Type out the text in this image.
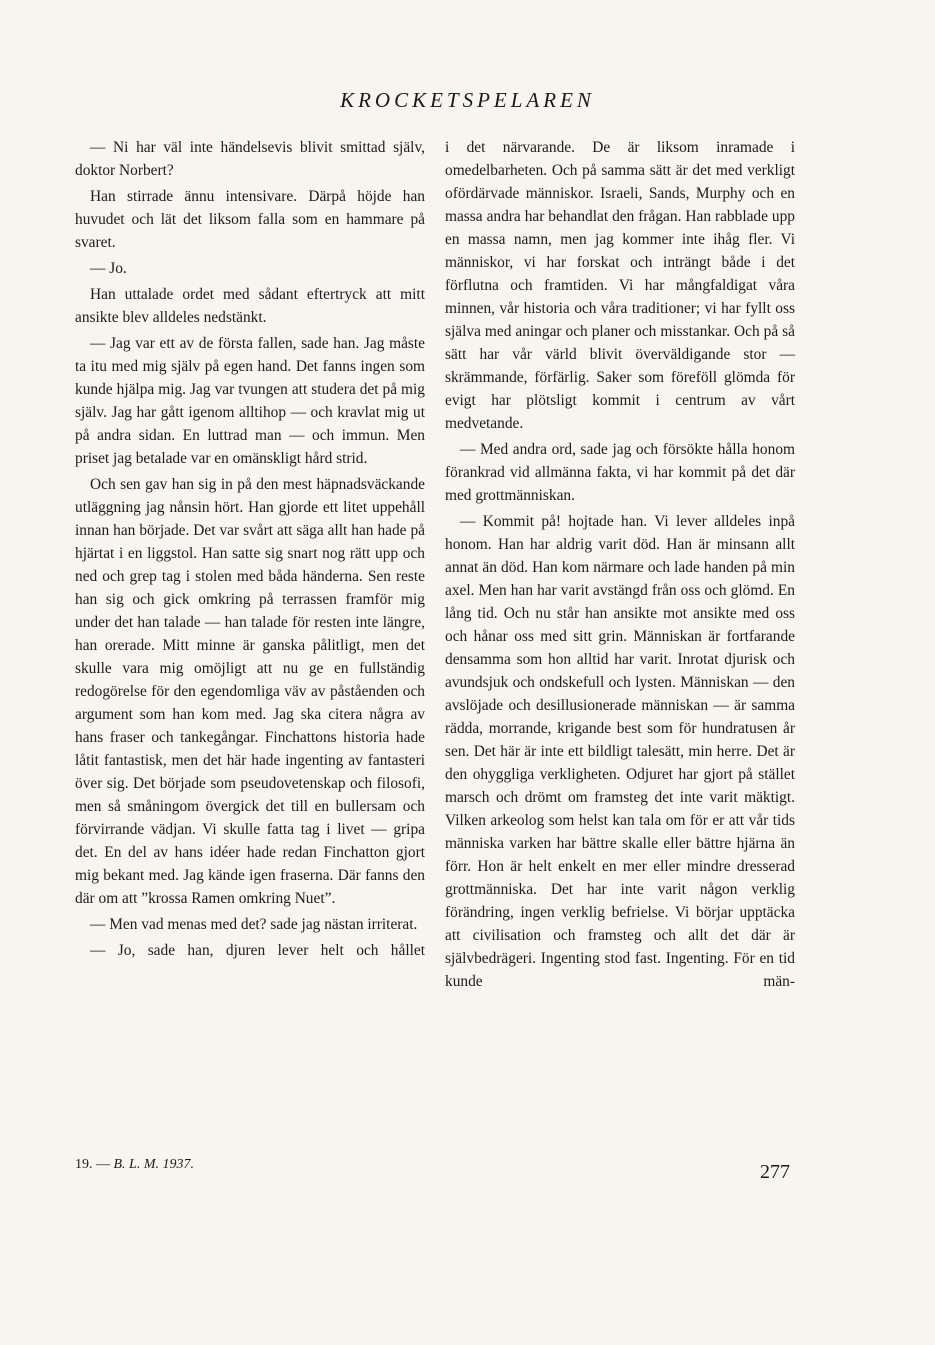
KROCKETSPELAREN

— Ni har väl inte händelsevis blivit smittad själv, doktor Norbert?

Han stirrade ännu intensivare. Därpå höjde han huvudet och lät det liksom falla som en hammare på svaret.

— Jo.

Han uttalade ordet med sådant eftertryck att mitt ansikte blev alldeles nedstänkt.

— Jag var ett av de första fallen, sade han. Jag måste ta itu med mig själv på egen hand. Det fanns ingen som kunde hjälpa mig. Jag var tvungen att studera det på mig själv. Jag har gått igenom alltihop — och kravlat mig ut på andra sidan. En luttrad man — och immun. Men priset jag betalade var en omänskligt hård strid.

Och sen gav han sig in på den mest häpnadsväckande utläggning jag nånsin hört. Han gjorde ett litet uppehåll innan han började. Det var svårt att säga allt han hade på hjärtat i en liggstol. Han satte sig snart nog rätt upp och ned och grep tag i stolen med båda händerna. Sen reste han sig och gick omkring på terrassen framför mig under det han talade — han talade för resten inte längre, han orerade. Mitt minne är ganska pålitligt, men det skulle vara mig omöjligt att nu ge en fullständig redogörelse för den egendomliga väv av påståenden och argument som han kom med. Jag ska citera några av hans fraser och tankegångar. Finchattons historia hade låtit fantastisk, men det här hade ingenting av fantasteri över sig. Det började som pseudovetenskap och filosofi, men så småningom övergick det till en bullersam och förvirrande vädjan. Vi skulle fatta tag i livet — gripa det. En del av hans idéer hade redan Finchatton gjort mig bekant med. Jag kände igen fraserna. Där fanns den där om att ”krossa Ramen omkring Nuet”.

— Men vad menas med det? sade jag nästan irriterat.

— Jo, sade han, djuren lever helt och hållet

i det närvarande. De är liksom inramade i omedelbarheten. Och på samma sätt är det med verkligt ofördärvade människor. Israeli, Sands, Murphy och en massa andra har behandlat den frågan. Han rabblade upp en massa namn, men jag kommer inte ihåg fler. Vi människor, vi har forskat och inträngt både i det förflutna och framtiden. Vi har mångfaldigat våra minnen, vår historia och våra traditioner; vi har fyllt oss själva med aningar och planer och misstankar. Och på så sätt har vår värld blivit överväldigande stor — skrämmande, förfärlig. Saker som föreföll glömda för evigt har plötsligt kommit i centrum av vårt medvetande.

— Med andra ord, sade jag och försökte hålla honom förankrad vid allmänna fakta, vi har kommit på det där med grottmänniskan.

— Kommit på! hojtade han. Vi lever alldeles inpå honom. Han har aldrig varit död. Han är minsann allt annat än död. Han kom närmare och lade handen på min axel. Men han har varit avstängd från oss och glömd. En lång tid. Och nu står han ansikte mot ansikte med oss och hånar oss med sitt grin. Människan är fortfarande densamma som hon alltid har varit. Inrotat djurisk och avundsjuk och ondskefull och lysten. Människan — den avslöjade och desillusionerade människan — är samma rädda, morrande, krigande best som för hundratusen år sen. Det här är inte ett bildligt talesätt, min herre. Det är den ohyggliga verkligheten. Odjuret har gjort på stället marsch och drömt om framsteg det inte varit mäktigt. Vilken arkeolog som helst kan tala om för er att vår tids människa varken har bättre skalle eller bättre hjärna än förr. Hon är helt enkelt en mer eller mindre dresserad grottmänniska. Det har inte varit någon verklig förändring, ingen verklig befrielse. Vi börjar upptäcka att civilisation och framsteg och allt det där är självbedrägeri. Ingenting stod fast. Ingenting. För en tid kunde män-

19. — B. L. M. 1937.	277
